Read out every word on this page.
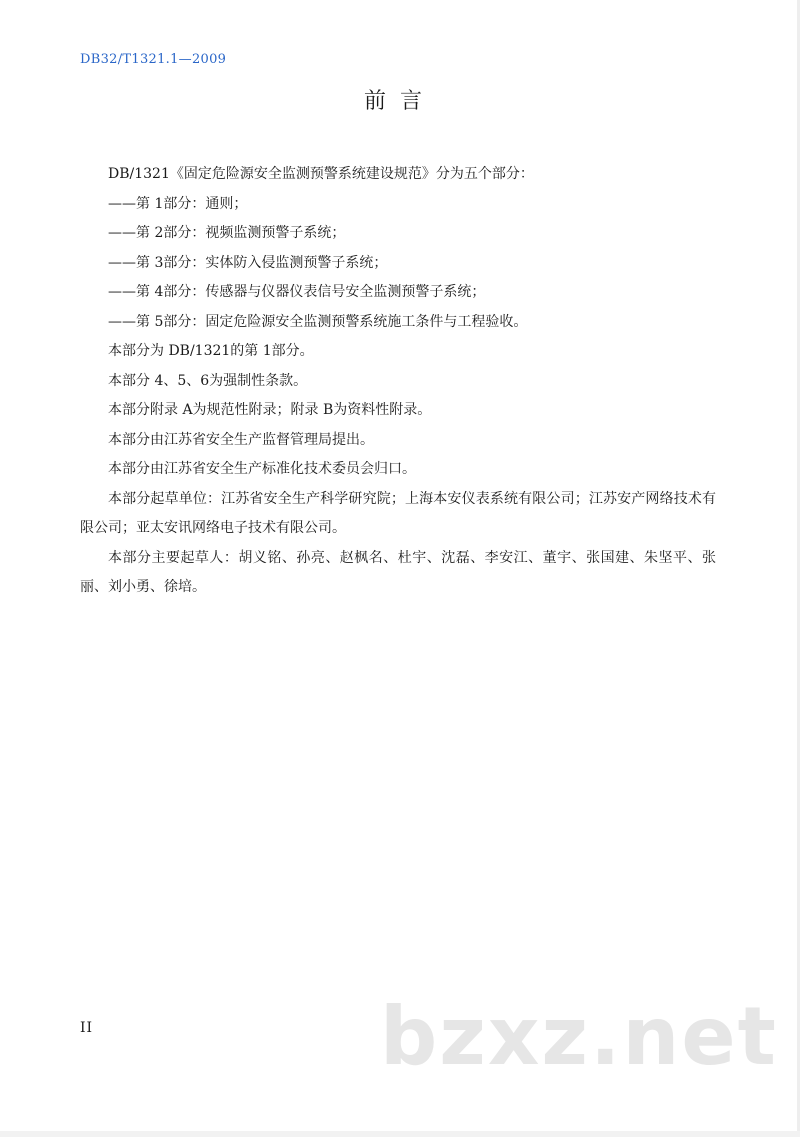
DB32/T1321.1—2009
前言

DB/1321《固定危险源安全监测预警系统建设规范》分为五个部分：

——第 1部分：通则；

——第 2部分：视频监测预警子系统；

——第 3部分：实体防入侵监测预警子系统；

——第 4部分：传感器与仪器仪表信号安全监测预警子系统；

——第 5部分：固定危险源安全监测预警系统施工条件与工程验收。

本部分为 DB/1321的第 1部分。

本部分 4、5、6为强制性条款。

本部分附录 A为规范性附录；附录 B为资料性附录。

本部分由江苏省安全生产监督管理局提出。

本部分由江苏省安全生产标准化技术委员会归口。

本部分起草单位：江苏省安全生产科学研究院；上海本安仪表系统有限公司；江苏安产网络技术有限公司；亚太安讯网络电子技术有限公司。

本部分主要起草人：胡义铭、孙亮、赵枫名、杜宇、沈磊、李安江、董宇、张国建、朱坚平、张丽、刘小勇、徐培。

II	bzxz.net
